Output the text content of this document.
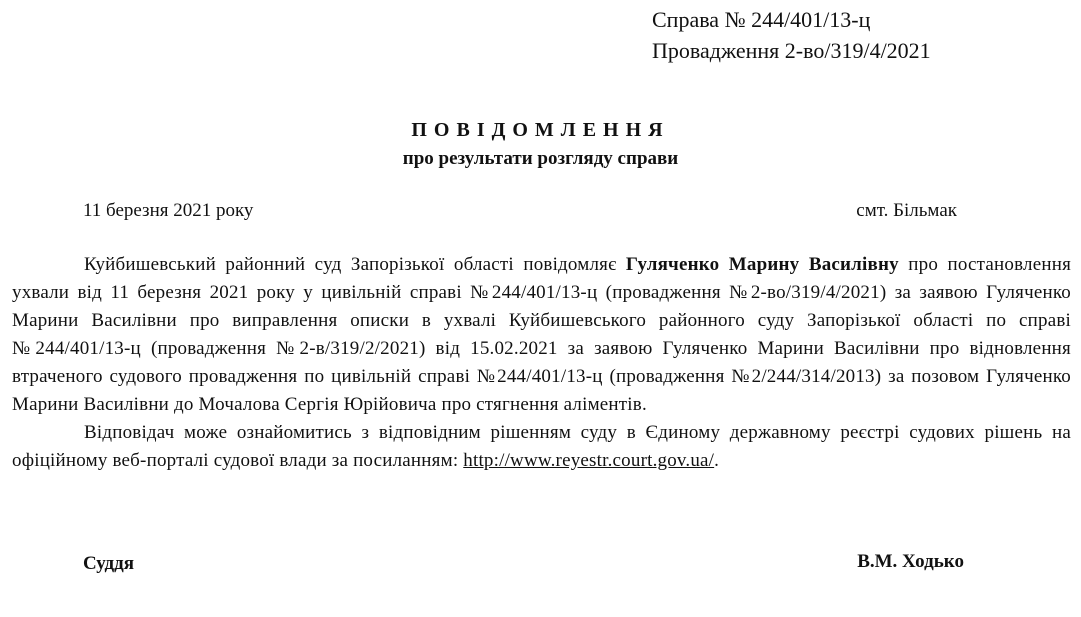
Справа № 244/401/13-ц
Провадження 2-во/319/4/2021
ПОВІДОМЛЕННЯ
про результати розгляду справи
11 березня 2021 року	смт. Більмак

Куйбишевський районний суд Запорізької області повідомляє Гуляченко Марину Василівну про постановлення ухвали від 11 березня 2021 року у цивільній справі №244/401/13-ц (провадження №2-во/319/4/2021) за заявою Гуляченко Марини Василівни про виправлення описки в ухвалі Куйбишевського районного суду Запорізької області по справі №244/401/13-ц (провадження №2-в/319/2/2021) від 15.02.2021 за заявою Гуляченко Марини Василівни про відновлення втраченого судового провадження по цивільній справі №244/401/13-ц (провадження №2/244/314/2013) за позовом Гуляченко Марини Василівни до Мочалова Сергія Юрійовича про стягнення аліментів.

Відповідач може ознайомитись з відповідним рішенням суду в Єдиному державному реєстрі судових рішень на офіційному веб-порталі судової влади за посиланням: http://www.reyestr.court.gov.ua/.

Суддя	В.М. Ходько
